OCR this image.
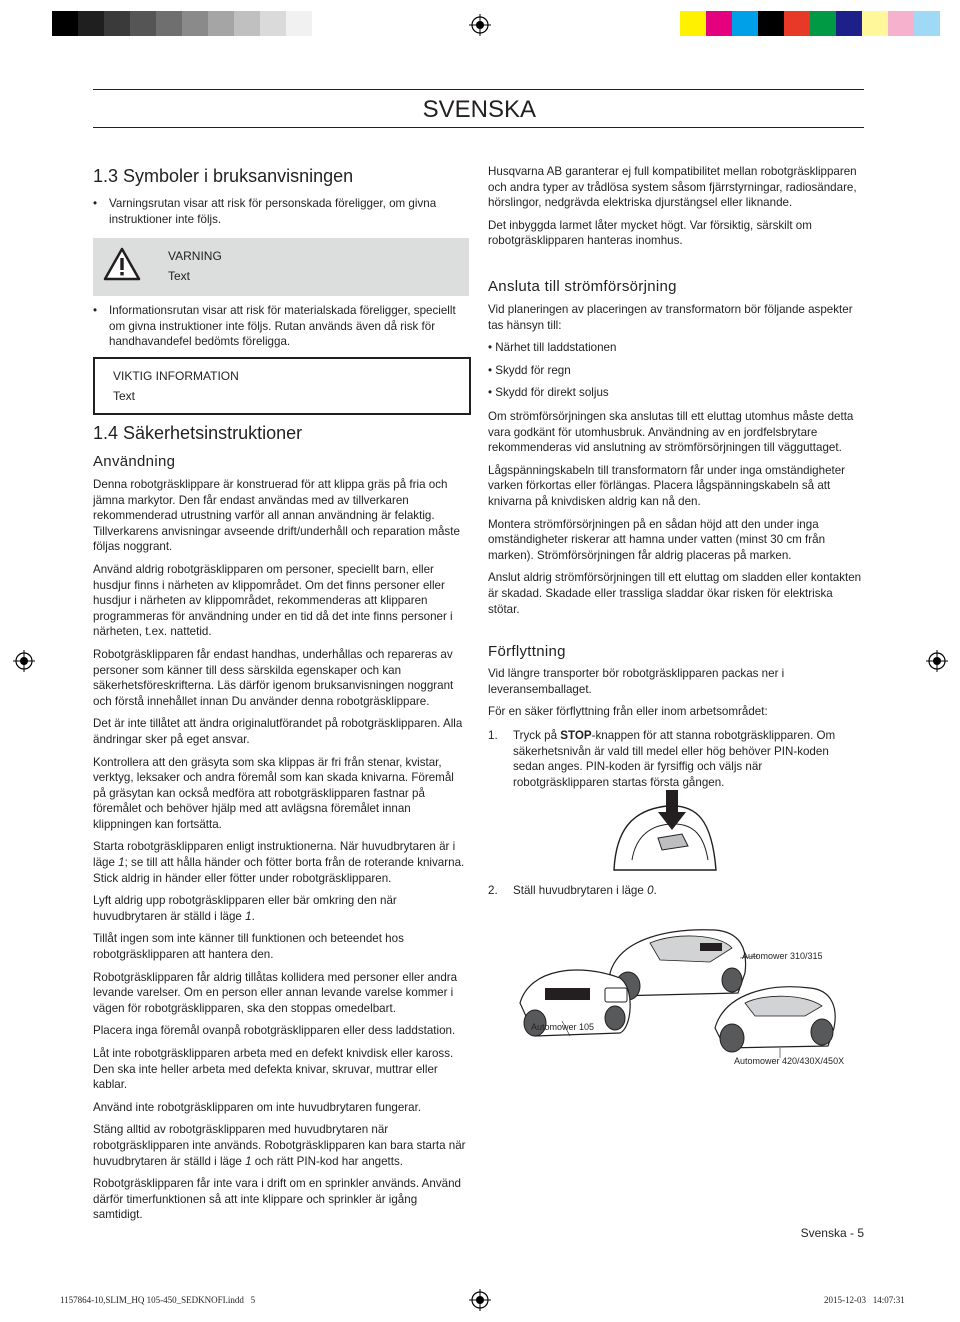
SVENSKA
1.3 Symboler i bruksanvisningen
• Varningsrutan visar att risk för personskada föreligger, om givna instruktioner inte följs.

VARNING
Text
• Informationsrutan visar att risk för materialskada föreligger, speciellt om givna instruktioner inte följs. Rutan används även då risk för handhavandefel bedömts föreligga.

VIKTIG INFORMATION
Text
1.4 Säkerhetsinstruktioner
Användning

Denna robotgräsklippare är konstruerad för att klippa gräs på fria och jämna markytor. Den får endast användas med av tillverkaren rekommenderad utrustning varför all annan användning är felaktig. Tillverkarens anvisningar avseende drift/underhåll och reparation måste följas noggrant.

Använd aldrig robotgräsklipparen om personer, speciellt barn, eller husdjur finns i närheten av klippområdet. Om det finns personer eller husdjur i närheten av klippområdet, rekommenderas att klipparen programmeras för användning under en tid då det inte finns personer i närheten, t.ex. nattetid.

Robotgräsklipparen får endast handhas, underhållas och repareras av personer som känner till dess särskilda egenskaper och kan säkerhetsföreskrifterna. Läs därför igenom bruksanvisningen noggrant och förstå innehållet innan Du använder denna robotgräsklippare.

Det är inte tillåtet att ändra originalutförandet på robotgräsklipparen. Alla ändringar sker på eget ansvar.

Kontrollera att den gräsyta som ska klippas är fri från stenar, kvistar, verktyg, leksaker och andra föremål som kan skada knivarna. Föremål på gräsytan kan också medföra att robotgräsklipparen fastnar på föremålet och behöver hjälp med att avlägsna föremålet innan klippningen kan fortsätta.

Starta robotgräsklipparen enligt instruktionerna. När huvudbrytaren är i läge 1; se till att hålla händer och fötter borta från de roterande knivarna. Stick aldrig in händer eller fötter under robotgräsklipparen.

Lyft aldrig upp robotgräsklipparen eller bär omkring den när huvudbrytaren är ställd i läge 1.

Tillåt ingen som inte känner till funktionen och beteendet hos robotgräsklipparen att hantera den.

Robotgräsklipparen får aldrig tillåtas kollidera med personer eller andra levande varelser. Om en person eller annan levande varelse kommer i vägen för robotgräsklipparen, ska den stoppas omedelbart.

Placera inga föremål ovanpå robotgräsklipparen eller dess laddstation.

Låt inte robotgräsklipparen arbeta med en defekt knivdisk eller kaross. Den ska inte heller arbeta med defekta knivar, skruvar, muttrar eller kablar.

Använd inte robotgräsklipparen om inte huvudbrytaren fungerar.

Stäng alltid av robotgräsklipparen med huvudbrytaren när robotgräsklipparen inte används. Robotgräsklipparen kan bara starta när huvudbrytaren är ställd i läge 1 och rätt PIN-kod har angetts.

Robotgräsklipparen får inte vara i drift om en sprinkler används. Använd därför timerfunktionen så att inte klippare och sprinkler är igång samtidigt.

Husqvarna AB garanterar ej full kompatibilitet mellan robotgräsklipparen och andra typer av trådlösa system såsom fjärrstyrningar, radiosändare, hörslingor, nedgrävda elektriska djurstängsel eller liknande.

Det inbyggda larmet låter mycket högt. Var försiktig, särskilt om robotgräsklipparen hanteras inomhus.

Ansluta till strömförsörjning

Vid planeringen av placeringen av transformatorn bör följande aspekter tas hänsyn till:

• Närhet till laddstationen

• Skydd för regn

• Skydd för direkt soljus

Om strömförsörjningen ska anslutas till ett eluttag utomhus måste detta vara godkänt för utomhusbruk. Användning av en jordfelsbrytare rekommenderas vid anslutning av strömförsörjningen till vägguttaget.

Lågspänningskabeln till transformatorn får under inga omständigheter varken förkortas eller förlängas. Placera lågspänningskabeln så att knivarna på knivdisken aldrig kan nå den.

Montera strömförsörjningen på en sådan höjd att den under inga omständigheter riskerar att hamna under vatten (minst 30 cm från marken). Strömförsörjningen får aldrig placeras på marken.

Anslut aldrig strömförsörjningen till ett eluttag om sladden eller kontakten är skadad. Skadade eller trassliga sladdar ökar risken för elektriska stötar.

Förflyttning

Vid längre transporter bör robotgräsklipparen packas ner i leveransemballaget.

För en säker förflyttning från eller inom arbetsområdet:

1. Tryck på STOP-knappen för att stanna robotgräsklipparen. Om säkerhetsnivån är vald till medel eller hög behöver PIN-koden sedan anges. PIN-koden är fyrsiffig och väljs när robotgräsklipparen startas första gången.

2. Ställ huvudbrytaren i läge 0.

Automower 310/315
Automower 105
Automower 420/430X/450X
Svenska - 5
1157864-10,SLIM_HQ 105-450_SEDKNOFI.indd   5	2015-12-03   14:07:31
